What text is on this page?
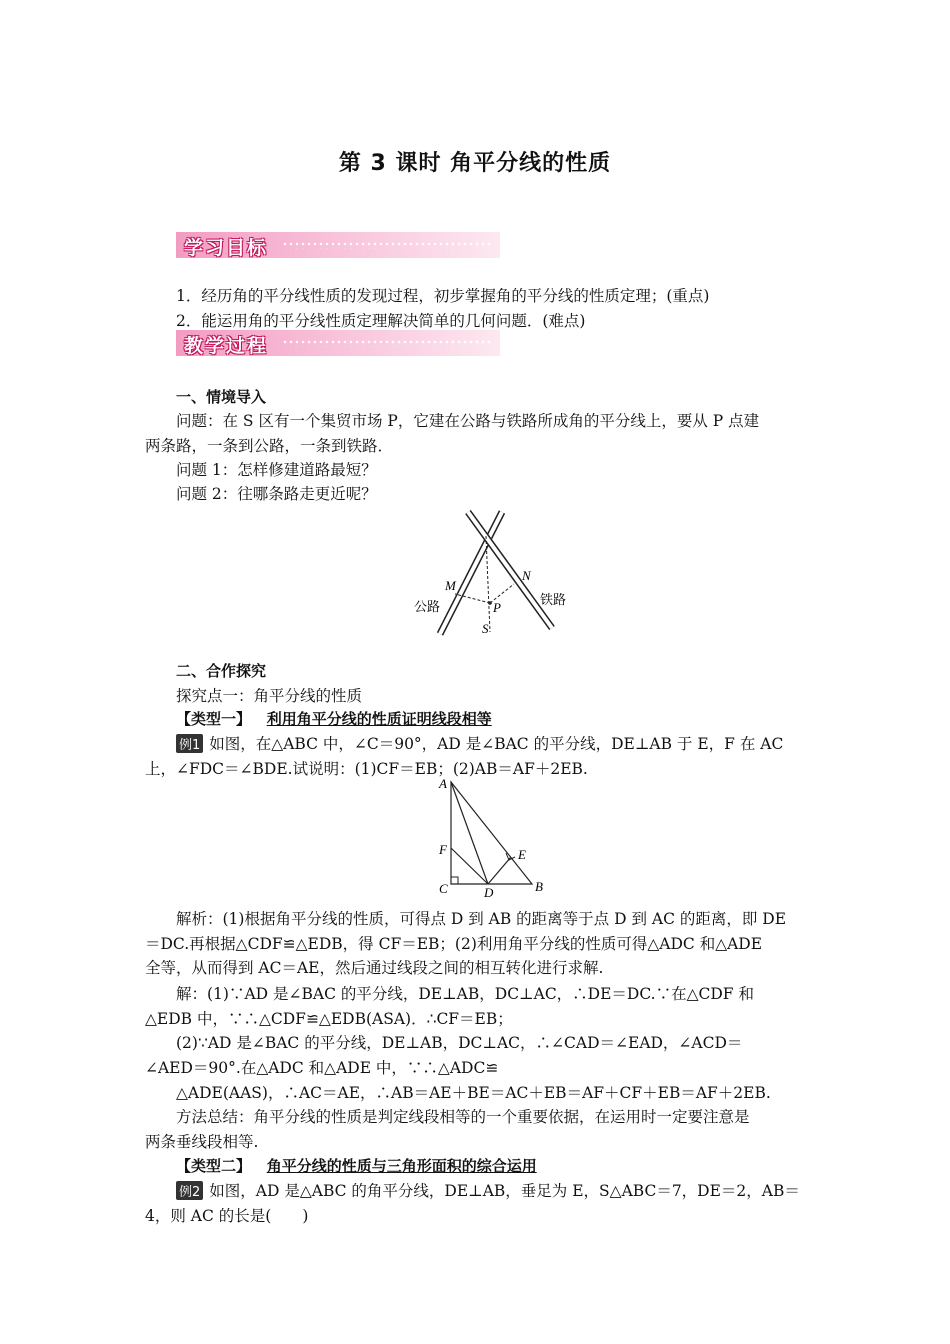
第 3 课时 角平分线的性质
学习目标
1．经历角的平分线性质的发现过程，初步掌握角的平分线的性质定理；(重点)
2．能运用角的平分线性质定理解决简单的几何问题．(难点)
教学过程
一、情境导入
问题：在 S 区有一个集贸市场 P，它建在公路与铁路所成角的平分线上，要从 P 点建
两条路，一条到公路，一条到铁路．
问题 1：怎样修建道路最短？
问题 2：往哪条路走更近呢？
M
N
P
S
公路	铁路
二、合作探究
探究点一：角平分线的性质
【类型一】 利用角平分线的性质证明线段相等
例1 如图，在△ABC 中，∠C＝90°，AD 是∠BAC 的平分线，DE⊥AB 于 E，F 在 AC
上，∠FDC＝∠BDE.试说明：(1)CF＝EB；(2)AB＝AF＋2EB.
A
B
C	D
E
F
解析：(1)根据角平分线的性质，可得点 D 到 AB 的距离等于点 D 到 AC 的距离，即 DE
＝DC.再根据△CDF≌△EDB，得 CF＝EB；(2)利用角平分线的性质可得△ADC 和△ADE
全等，从而得到 AC＝AE，然后通过线段之间的相互转化进行求解.
解：(1)∵AD 是∠BAC 的平分线，DE⊥AB，DC⊥AC，∴DE＝DC.∵在△CDF 和
△EDB 中，∵∴△CDF≌△EDB(ASA)．∴CF＝EB；
(2)∵AD 是∠BAC 的平分线，DE⊥AB，DC⊥AC，∴∠CAD＝∠EAD，∠ACD＝
∠AED＝90°.在△ADC 和△ADE 中，∵∴△ADC≌
△ADE(AAS)，∴AC＝AE，∴AB＝AE＋BE＝AC＋EB＝AF＋CF＋EB＝AF＋2EB.
方法总结：角平分线的性质是判定线段相等的一个重要依据，在运用时一定要注意是
两条垂线段相等.
【类型二】 角平分线的性质与三角形面积的综合运用
例2 如图，AD 是△ABC 的角平分线，DE⊥AB，垂足为 E，S△ABC＝7，DE＝2，AB＝
4，则 AC 的长是(　　)
